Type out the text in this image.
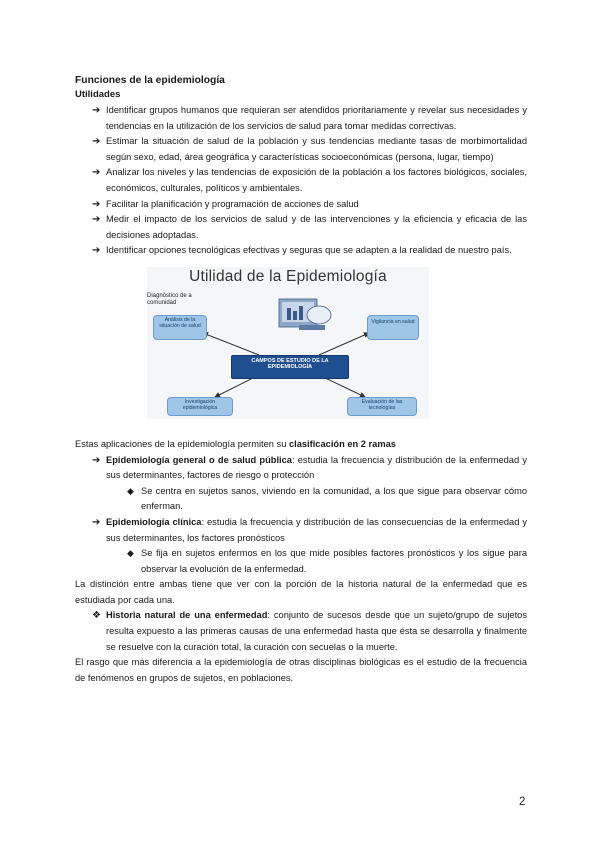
Funciones de la epidemiología

Utilidades

➔ Identificar grupos humanos que requieran ser atendidos prioritariamente y revelar sus necesidades y tendencias en la utilización de los servicios de salud para tomar medidas correctivas.
➔ Estimar la situación de salud de la población y sus tendencias mediante tasas de morbimortalidad según sexo, edad, área geográfica y características socioeconómicas (persona, lugar, tiempo)
➔ Analizar los niveles y las tendencias de exposición de la población a los factores biológicos, sociales, económicos, culturales, políticos y ambientales.
➔ Facilitar la planificación y programación de acciones de salud
➔ Medir el impacto de los servicios de salud y de las intervenciones y la eficiencia y eficacia de las decisiones adoptadas.
➔ Identificar opciones tecnológicas efectivas y seguras que se adapten a la realidad de nuestro país.
Utilidad de la Epidemiología
Diagnóstico de a comunidad
Análisis de la situación de salud
Vigilancia en salud
CAMPOS DE ESTUDIO DE LA EPIDEMIOLOGÍA
Investigación epidemiológica
Evaluación de las tecnologías

Estas aplicaciones de la epidemiología permiten su clasificación en 2 ramas

➔ Epidemiología general o de salud pública: estudia la frecuencia y distribución de la enfermedad y sus determinantes, factores de riesgo o protección
◆ Se centra en sujetos sanos, viviendo en la comunidad, a los que sigue para observar cómo enferman.
➔ Epidemiología clínica: estudia la frecuencia y distribución de las consecuencias de la enfermedad y sus determinantes, los factores pronósticos
◆ Se fija en sujetos enfermos en los que mide posibles factores pronósticos y los sigue para observar la evolución de la enfermedad.

La distinción entre ambas tiene que ver con la porción de la historia natural de la enfermedad que es estudiada por cada una.

❖ Historia natural de una enfermedad: conjunto de sucesos desde que un sujeto/grupo de sujetos resulta expuesto a las primeras causas de una enfermedad hasta que ésta se desarrolla y finalmente se resuelve con la curación total, la curación con secuelas o la muerte.

El rasgo que más diferencia a la epidemiología de otras disciplinas biológicas es el estudio de la frecuencia de fenómenos en grupos de sujetos, en poblaciones.

2
